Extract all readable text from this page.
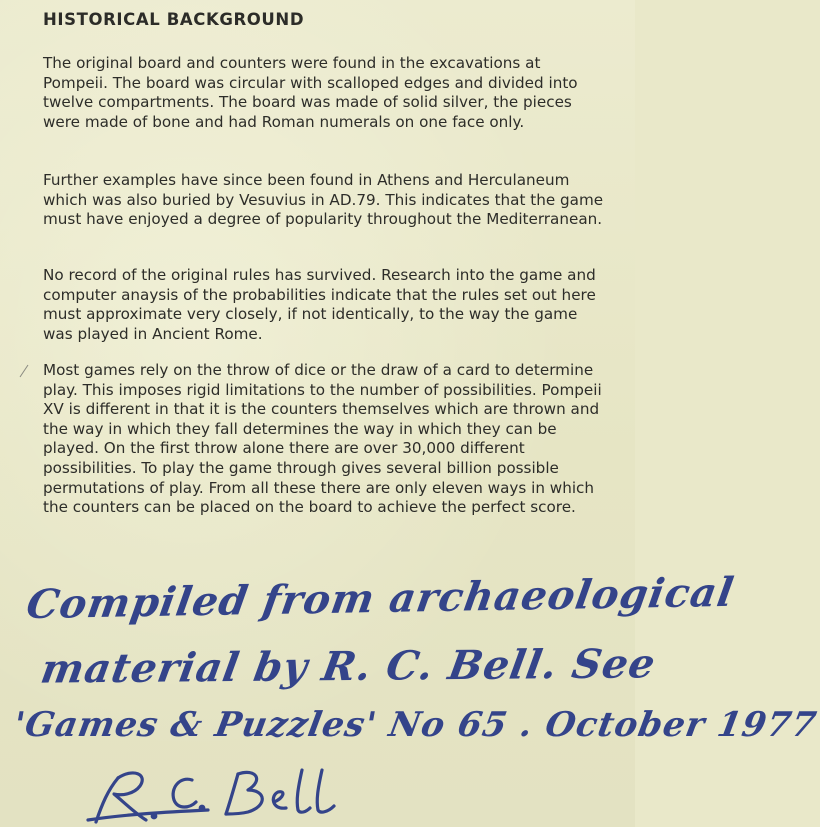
HISTORICAL BACKGROUND

The original board and counters were found in the excavations at Pompeii. The board was circular with scalloped edges and divided into twelve compartments. The board was made of solid silver, the pieces were made of bone and had Roman numerals on one face only.

Further examples have since been found in Athens and Herculaneum which was also buried by Vesuvius in AD.79. This indicates that the game must have enjoyed a degree of popularity throughout the Mediterranean.

No record of the original rules has survived. Research into the game and computer anaysis of the probabilities indicate that the rules set out here must approximate very closely, if not identically, to the way the game was played in Ancient Rome.

Most games rely on the throw of dice or the draw of a card to determine play. This imposes rigid limitations to the number of possibilities. Pompeii XV is different in that it is the counters themselves which are thrown and the way in which they fall determines the way in which they can be played. On the first throw alone there are over 30,000 different possibilities. To play the game through gives several billion possible permutations of play. From all these there are only eleven ways in which the counters can be placed on the board to achieve the perfect score.

Compiled from archaeological
material by R. C. Bell. See
'Games & Puzzles' No 65 . October 1977
